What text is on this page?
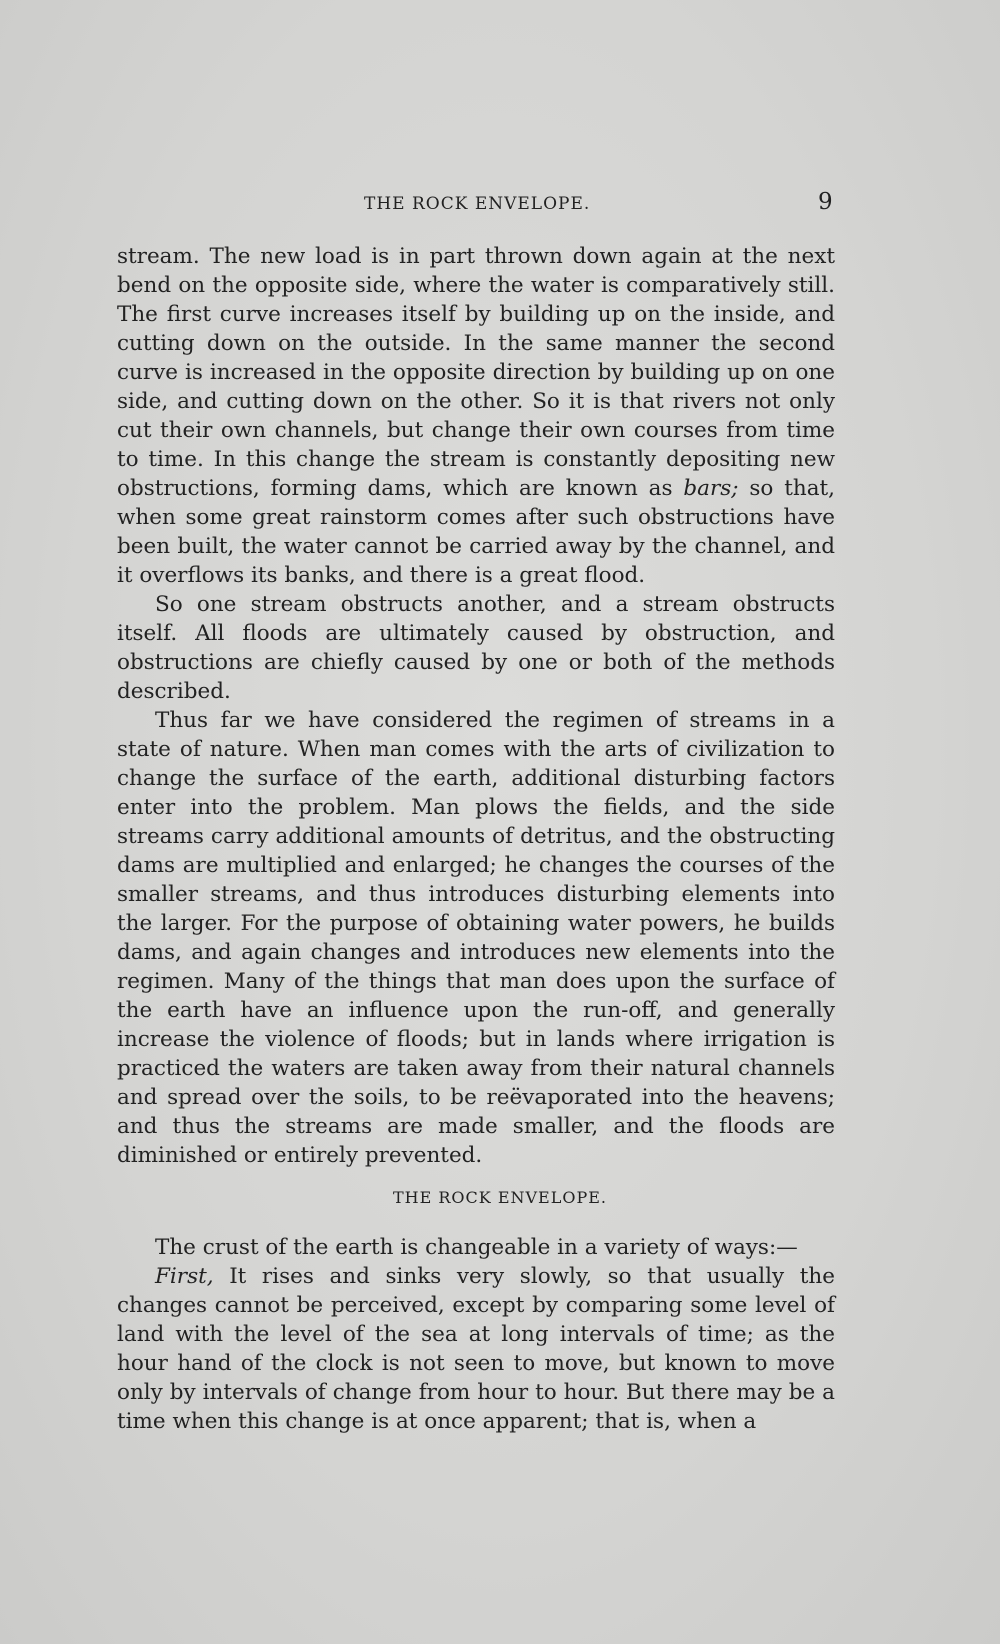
THE ROCK ENVELOPE.	9

stream. The new load is in part thrown down again at the next bend on the opposite side, where the water is comparatively still. The first curve increases itself by building up on the inside, and cutting down on the outside. In the same manner the second curve is increased in the opposite direction by building up on one side, and cutting down on the other. So it is that rivers not only cut their own channels, but change their own courses from time to time. In this change the stream is constantly depositing new obstructions, forming dams, which are known as bars; so that, when some great rainstorm comes after such obstructions have been built, the water cannot be carried away by the channel, and it overflows its banks, and there is a great flood.

So one stream obstructs another, and a stream obstructs itself. All floods are ultimately caused by obstruction, and obstructions are chiefly caused by one or both of the methods described.

Thus far we have considered the regimen of streams in a state of nature. When man comes with the arts of civilization to change the surface of the earth, additional disturbing factors enter into the problem. Man plows the fields, and the side streams carry additional amounts of detritus, and the obstructing dams are multiplied and enlarged; he changes the courses of the smaller streams, and thus introduces disturbing elements into the larger. For the purpose of obtaining water powers, he builds dams, and again changes and introduces new elements into the regimen. Many of the things that man does upon the surface of the earth have an influence upon the run-off, and generally increase the violence of floods; but in lands where irrigation is practiced the waters are taken away from their natural channels and spread over the soils, to be reëvaporated into the heavens; and thus the streams are made smaller, and the floods are diminished or entirely prevented.

THE ROCK ENVELOPE.

The crust of the earth is changeable in a variety of ways:—

First, It rises and sinks very slowly, so that usually the changes cannot be perceived, except by comparing some level of land with the level of the sea at long intervals of time; as the hour hand of the clock is not seen to move, but known to move only by intervals of change from hour to hour. But there may be a time when this change is at once apparent; that is, when a
